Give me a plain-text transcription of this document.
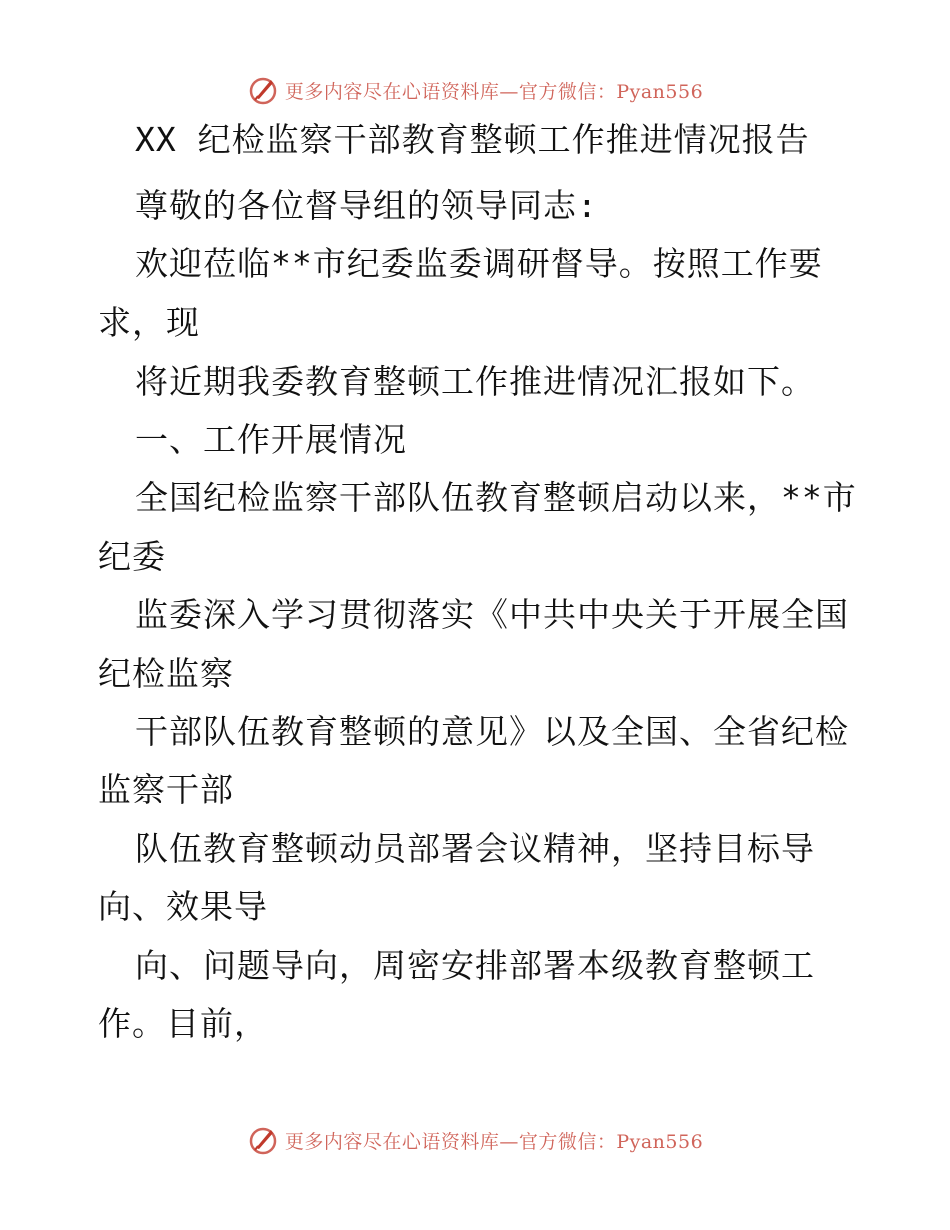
更多内容尽在心语资料库—官方微信：Pyan556
XX 纪检监察干部教育整顿工作推进情况报告
尊敬的各位督导组的领导同志:
欢迎莅临**市纪委监委调研督导。按照工作要
求，现
将近期我委教育整顿工作推进情况汇报如下。
一、工作开展情况
全国纪检监察干部队伍教育整顿启动以来，**市
纪委
监委深入学习贯彻落实《中共中央关于开展全国
纪检监察
干部队伍教育整顿的意见》以及全国、全省纪检
监察干部
队伍教育整顿动员部署会议精神，坚持目标导
向、效果导
向、问题导向，周密安排部署本级教育整顿工
作。目前，
更多内容尽在心语资料库—官方微信：Pyan556
